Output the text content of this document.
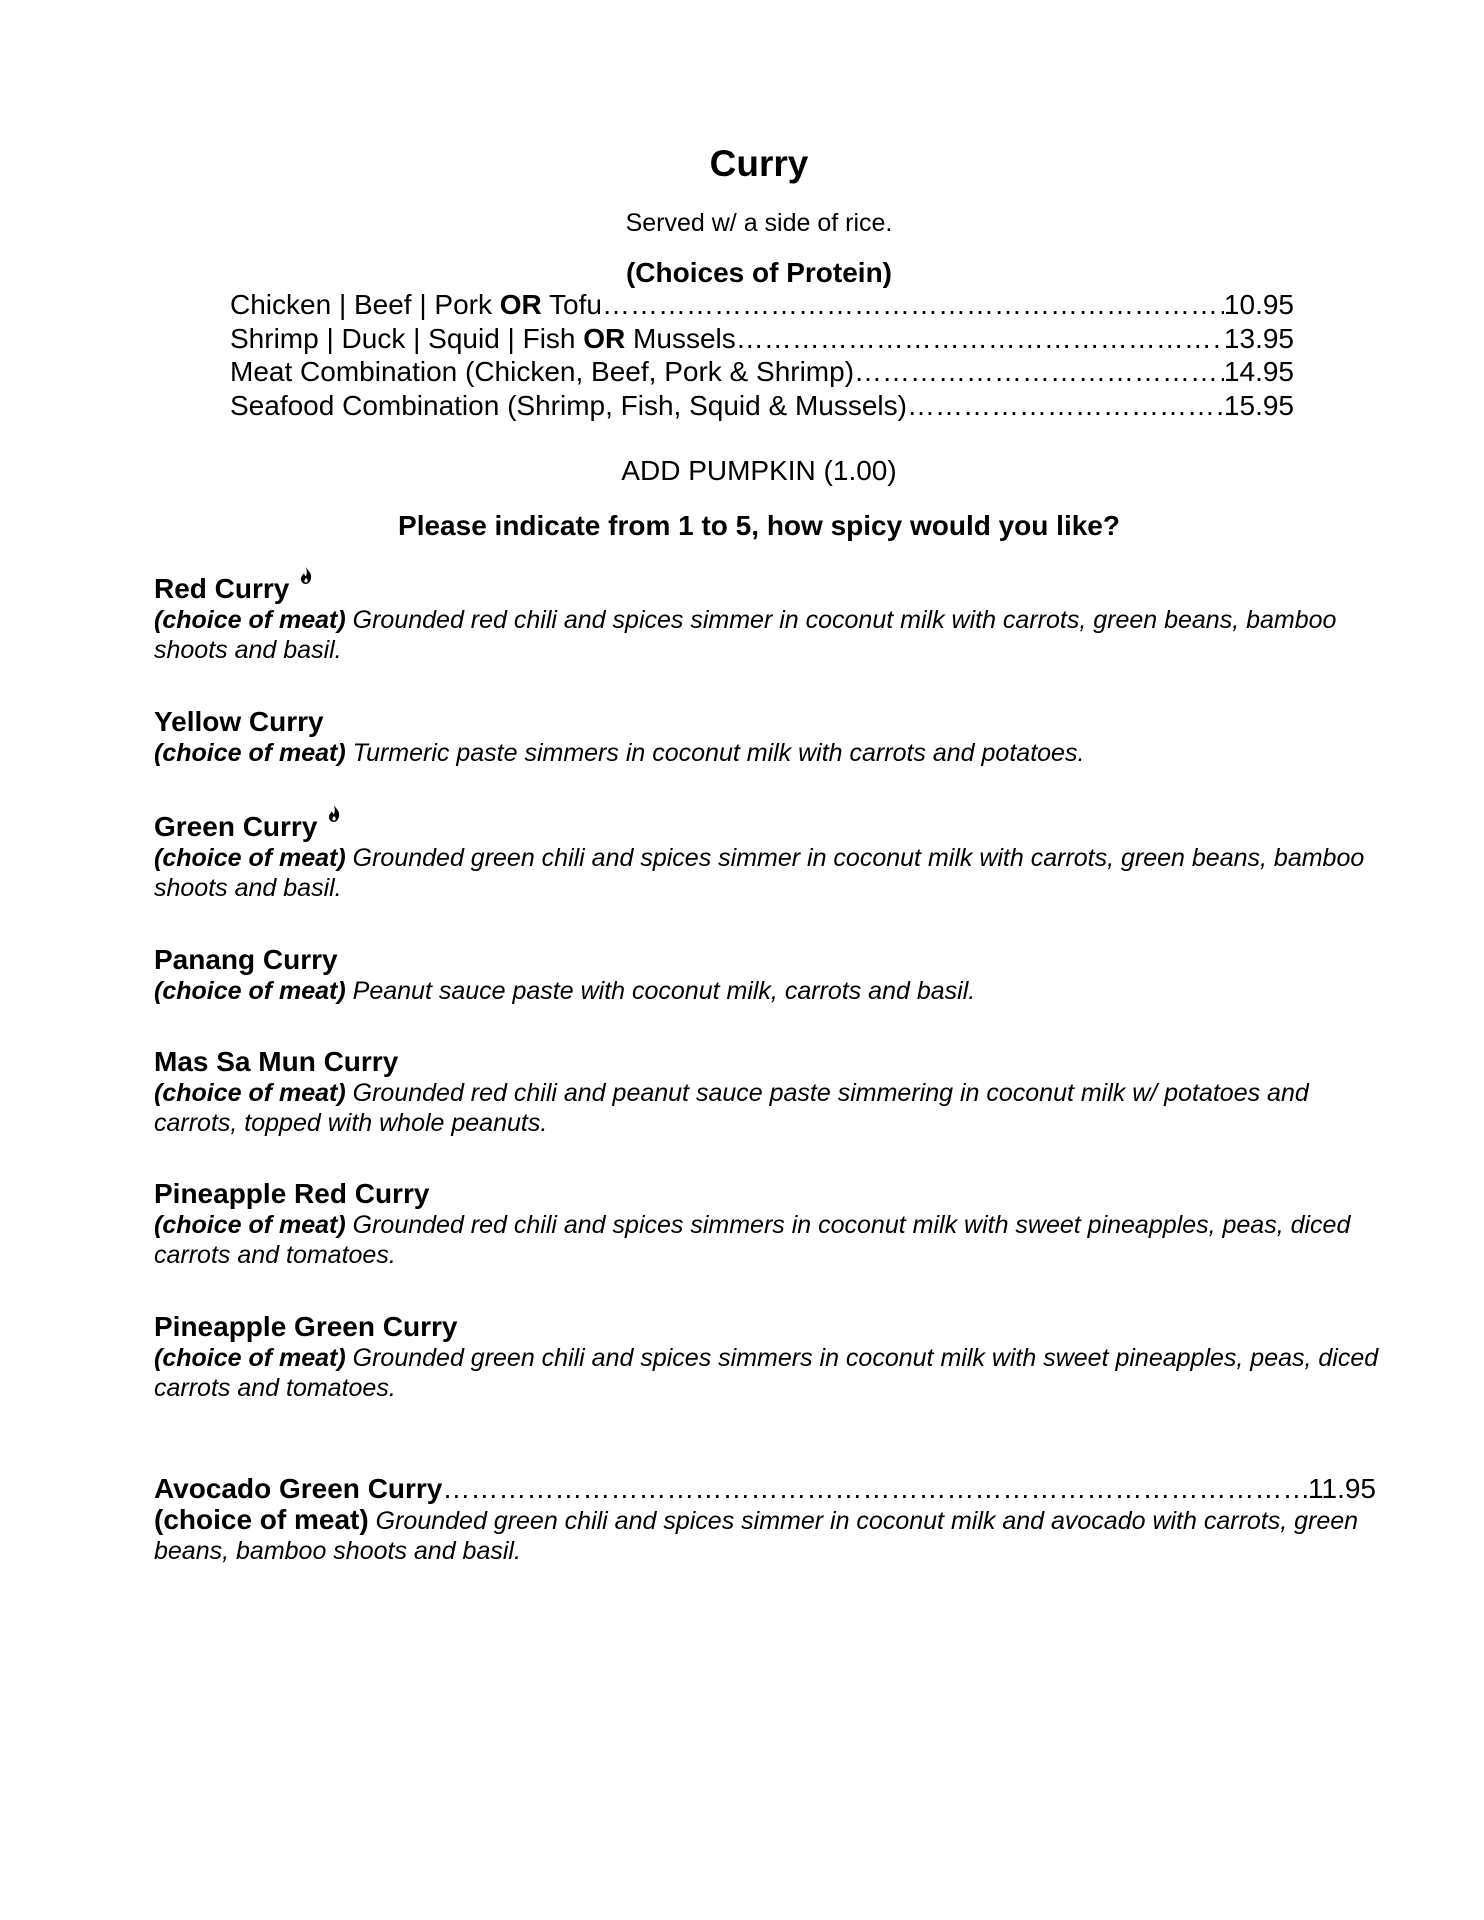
Curry
Served w/ a side of rice.
(Choices of Protein)
Chicken | Beef | Pork OR Tofu ………………………………………………………………………………………………………………………………………………………………	10.95
Shrimp | Duck | Squid | Fish OR Mussels ………………………………………………………………………………………………………………………………………………………………	13.95
Meat Combination (Chicken, Beef, Pork & Shrimp) ………………………………………………………………………………………………………………………………………………………………	14.95
Seafood Combination (Shrimp, Fish, Squid & Mussels) ………………………………………………………………………………………………………………………………………………………………	15.95
ADD PUMPKIN (1.00)
Please indicate from 1 to 5, how spicy would you like?
Red Curry
(choice of meat) Grounded red chili and spices simmer in coconut milk with carrots, green beans, bamboo shoots and basil.
Yellow Curry
(choice of meat) Turmeric paste simmers in coconut milk with carrots and potatoes.
Green Curry
(choice of meat) Grounded green chili and spices simmer in coconut milk with carrots, green beans, bamboo shoots and basil.
Panang Curry
(choice of meat) Peanut sauce paste with coconut milk, carrots and basil.
Mas Sa Mun Curry
(choice of meat) Grounded red chili and peanut sauce paste simmering in coconut milk w/ potatoes and carrots, topped with whole peanuts.
Pineapple Red Curry
(choice of meat) Grounded red chili and spices simmers in coconut milk with sweet pineapples, peas, diced carrots and tomatoes.
Pineapple Green Curry
(choice of meat) Grounded green chili and spices simmers in coconut milk with sweet pineapples, peas, diced carrots and tomatoes.
Avocado Green Curry …………………………………………………………………………………………………………………………………………………………………………………………	11.95
(choice of meat) Grounded green chili and spices simmer in coconut milk and avocado with carrots, green beans, bamboo shoots and basil.
